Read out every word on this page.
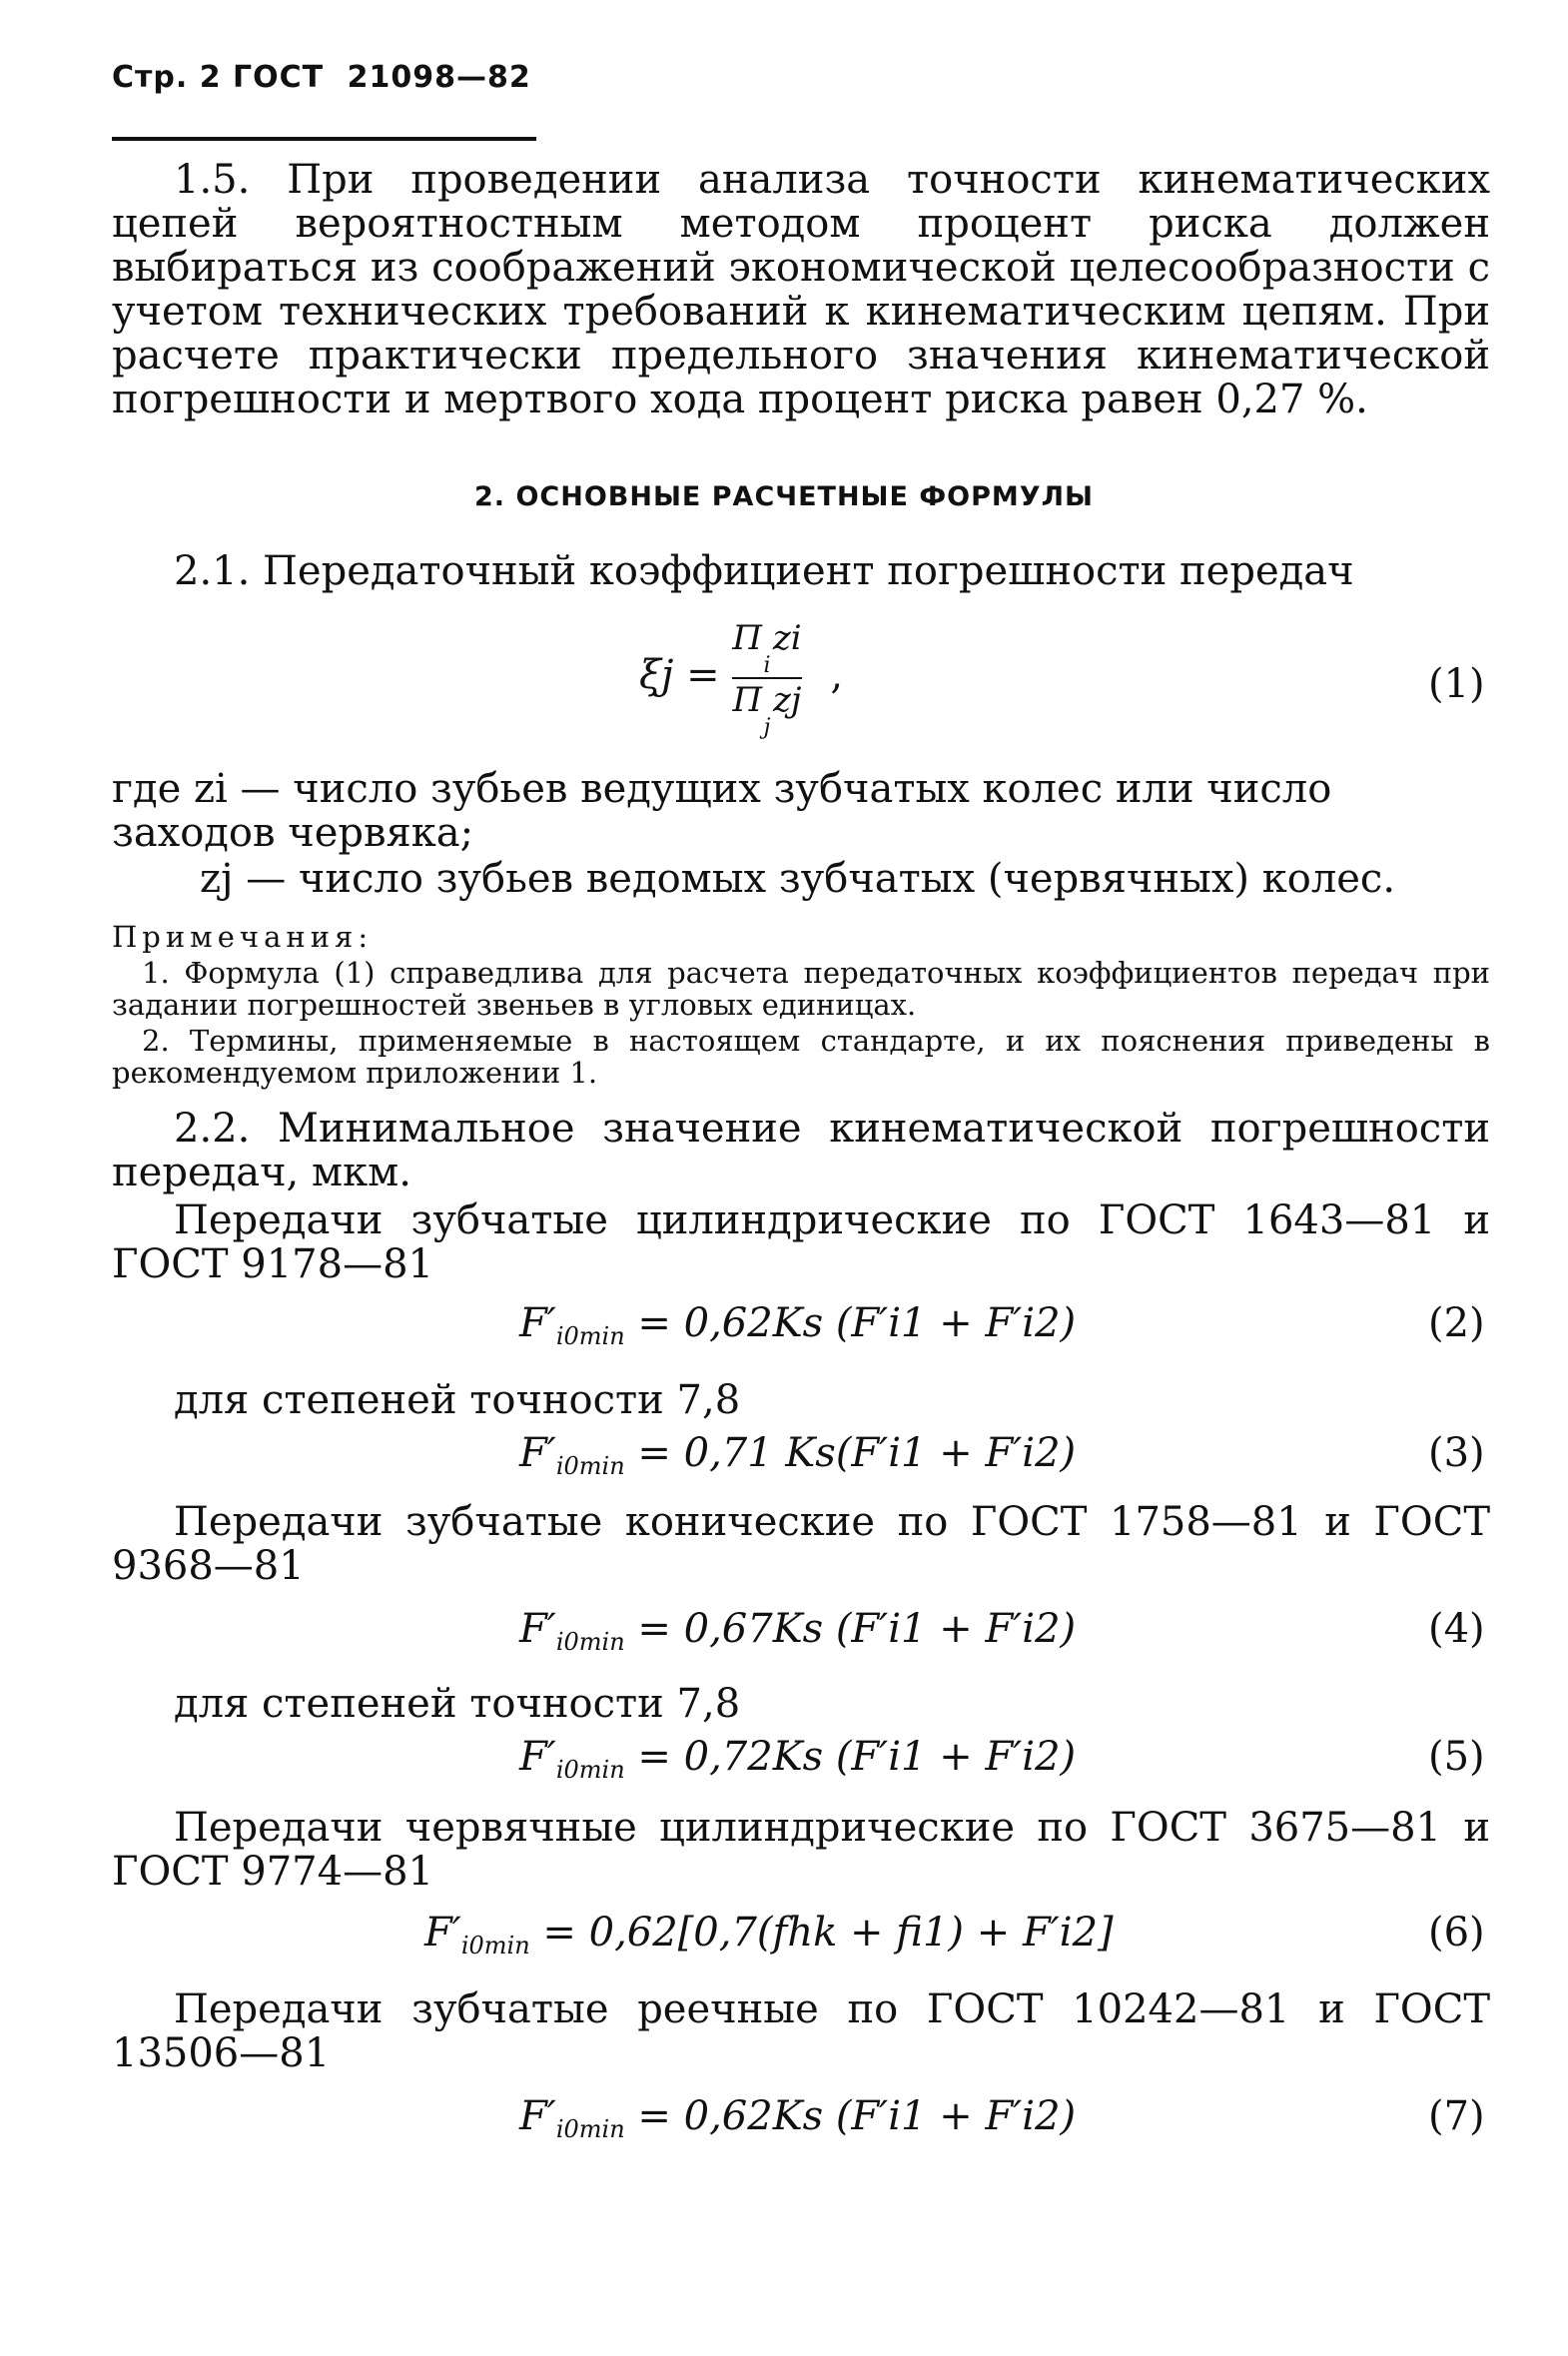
Стр. 2 ГОСТ 21098—82
1.5. При проведении анализа точности кинематических цепей вероятностным методом процент риска должен выбираться из соображений экономической целесообразности с учетом технических требований к кинематическим цепям. При расчете практически предельного значения кинематической погрешности и мертвого хода процент риска равен 0,27 %.
2. ОСНОВНЫЕ РАСЧЕТНЫЕ ФОРМУЛЫ
2.1. Передаточный коэффициент погрешности передач
ξj =
Π zi
i
Π zj
j
,	(1)
где zi — число зубьев ведущих зубчатых колес или число заходов червяка;
zj — число зубьев ведомых зубчатых (червячных) колес.
Примечания:
1. Формула (1) справедлива для расчета передаточных коэффициентов передач при задании погрешностей звеньев в угловых единицах.
2. Термины, применяемые в настоящем стандарте, и их пояснения приведены в рекомендуемом приложении 1.
2.2. Минимальное значение кинематической погрешности передач, мкм.
Передачи зубчатые цилиндрические по ГОСТ 1643—81 и ГОСТ 9178—81
$F'_{i0min} = 0,62Ks$ (F′i1 + F′i2)	(2)
для степеней точности 7,8
$F'_{i0min} = 0,71$ Ks(F′i1 + F′i2)	(3)
Передачи зубчатые конические по ГОСТ 1758—81 и ГОСТ 9368—81
$F'_{i0min} = 0,67Ks$ (F′i1 + F′i2)	(4)
для степеней точности 7,8
$F'_{i0min} = 0,72Ks$ (F′i1 + F′i2)	(5)
Передачи червячные цилиндрические по ГОСТ 3675—81 и ГОСТ 9774—81
$F'_{i0min} = 0,62[0,7(fhk + fi1) + F'i2]$	(6)
Передачи зубчатые реечные по ГОСТ 10242—81 и ГОСТ 13506—81
$F'_{i0min} = 0,62Ks$ (F′i1 + F′i2)	(7)
